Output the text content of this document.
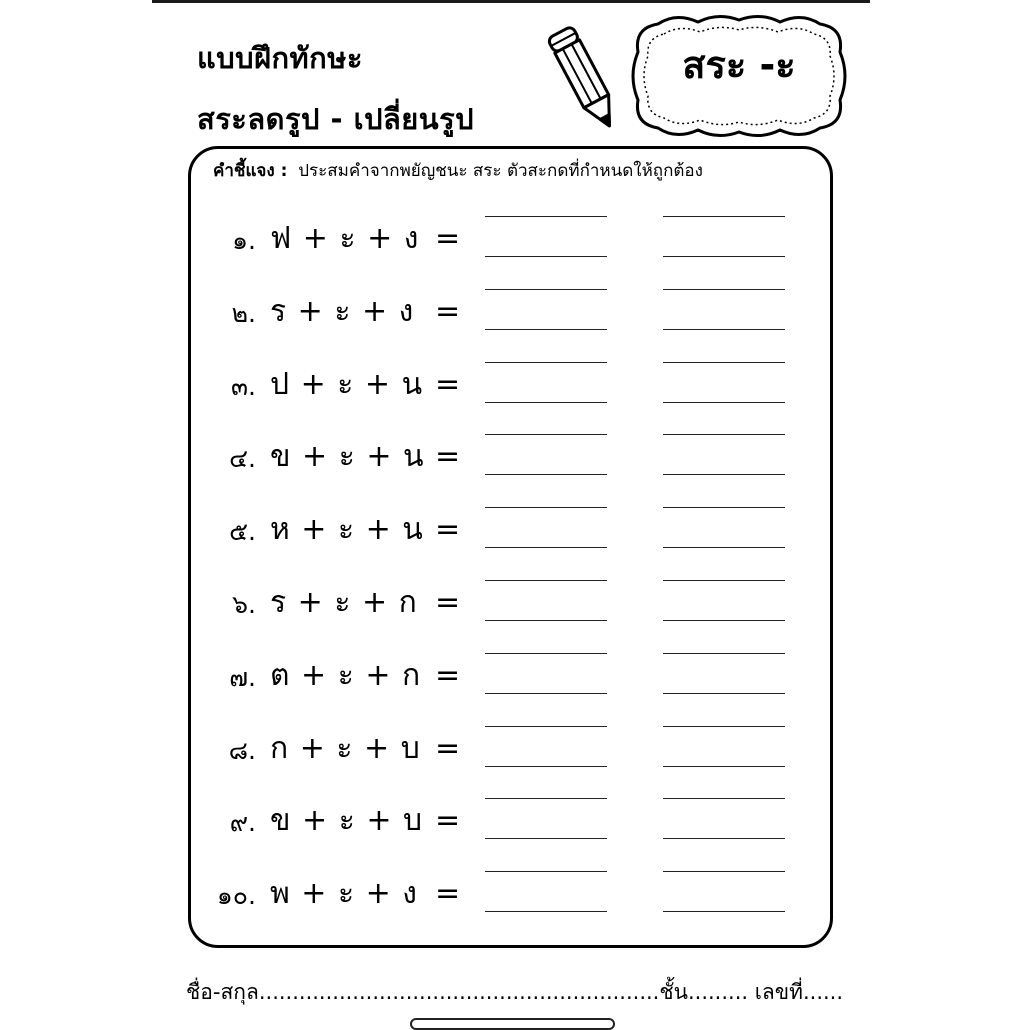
แบบฝึกทักษะ
สระลดรูป - เปลี่ยนรูป
สระ -ะ
คำชี้แจง : ประสมคำจากพยัญชนะ สระ ตัวสะกดที่กำหนดให้ถูกต้อง
๑. ฟ + ะ + ง =
๒. ร + ะ + ง =
๓. ป + ะ + น =
๔. ข + ะ + น =
๕. ห + ะ + น =
๖. ร + ะ + ก =
๗. ต + ะ + ก =
๘. ก + ะ + บ =
๙. ข + ะ + บ =
๑๐. พ + ะ + ง =
ชื่อ-สกุล............................................................ชั้น......... เลขที่......
